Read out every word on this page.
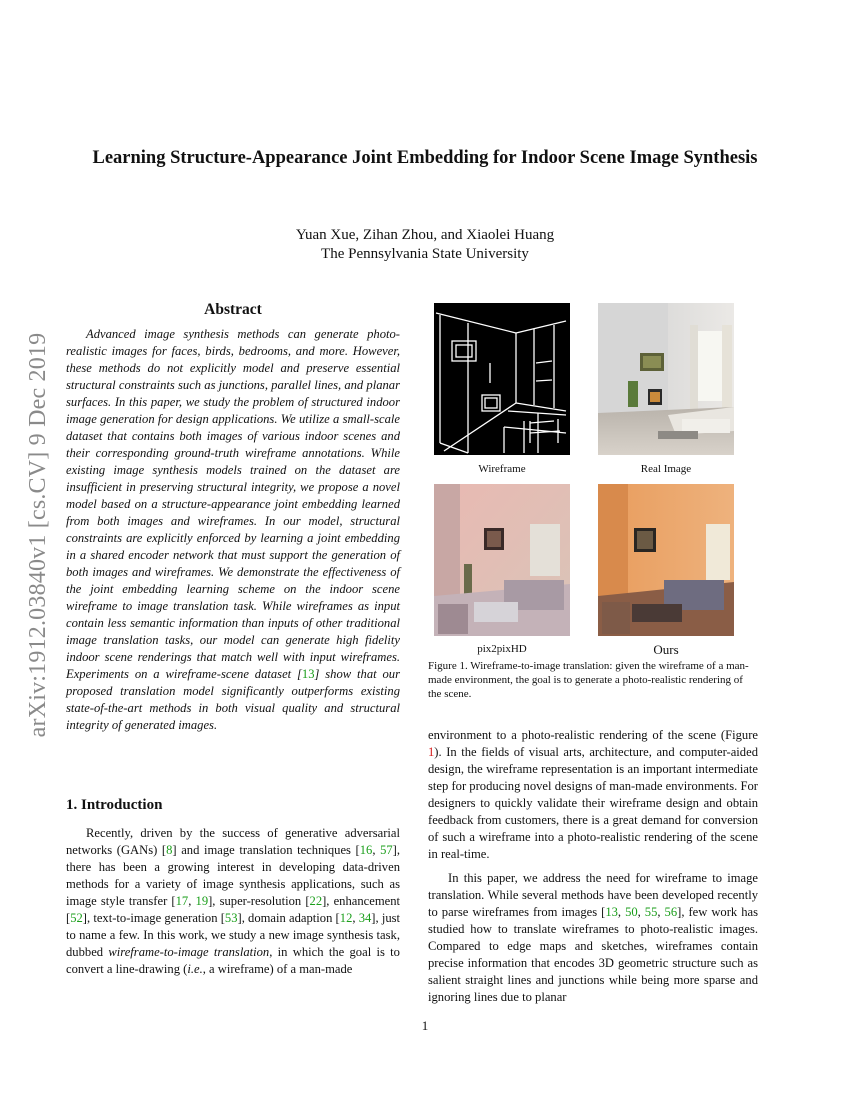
arXiv:1912.03840v1 [cs.CV] 9 Dec 2019
Learning Structure-Appearance Joint Embedding for Indoor Scene Image Synthesis
Yuan Xue, Zihan Zhou, and Xiaolei Huang
The Pennsylvania State University
Abstract
Advanced image synthesis methods can generate photo-realistic images for faces, birds, bedrooms, and more. However, these methods do not explicitly model and preserve essential structural constraints such as junctions, parallel lines, and planar surfaces. In this paper, we study the problem of structured indoor image generation for design applications. We utilize a small-scale dataset that contains both images of various indoor scenes and their corresponding ground-truth wireframe annotations. While existing image synthesis models trained on the dataset are insufficient in preserving structural integrity, we propose a novel model based on a structure-appearance joint embedding learned from both images and wireframes. In our model, structural constraints are explicitly enforced by learning a joint embedding in a shared encoder network that must support the generation of both images and wireframes. We demonstrate the effectiveness of the joint embedding learning scheme on the indoor scene wireframe to image translation task. While wireframes as input contain less semantic information than inputs of other traditional image translation tasks, our model can generate high fidelity indoor scene renderings that match well with input wireframes. Experiments on a wireframe-scene dataset [13] show that our proposed translation model significantly outperforms existing state-of-the-art methods in both visual quality and structural integrity of generated images.
1. Introduction
Recently, driven by the success of generative adversarial networks (GANs) [8] and image translation techniques [16, 57], there has been a growing interest in developing data-driven methods for a variety of image synthesis applications, such as image style transfer [17, 19], super-resolution [22], enhancement [52], text-to-image generation [53], domain adaption [12, 34], just to name a few. In this work, we study a new image synthesis task, dubbed wireframe-to-image translation, in which the goal is to convert a line-drawing (i.e., a wireframe) of a man-made
Wireframe	Real Image
pix2pixHD	Ours
Figure 1. Wireframe-to-image translation: given the wireframe of a man-made environment, the goal is to generate a photo-realistic rendering of the scene.

environment to a photo-realistic rendering of the scene (Figure 1). In the fields of visual arts, architecture, and computer-aided design, the wireframe representation is an important intermediate step for producing novel designs of man-made environments. For designers to quickly validate their wireframe design and obtain feedback from customers, there is a great demand for conversion of such a wireframe into a photo-realistic rendering of the scene in real-time.

In this paper, we address the need for wireframe to image translation. While several methods have been developed recently to parse wireframes from images [13, 50, 55, 56], few work has studied how to translate wireframes to photo-realistic images. Compared to edge maps and sketches, wireframes contain precise information that encodes 3D geometric structure such as salient straight lines and junctions while being more sparse and ignoring lines due to planar

1
